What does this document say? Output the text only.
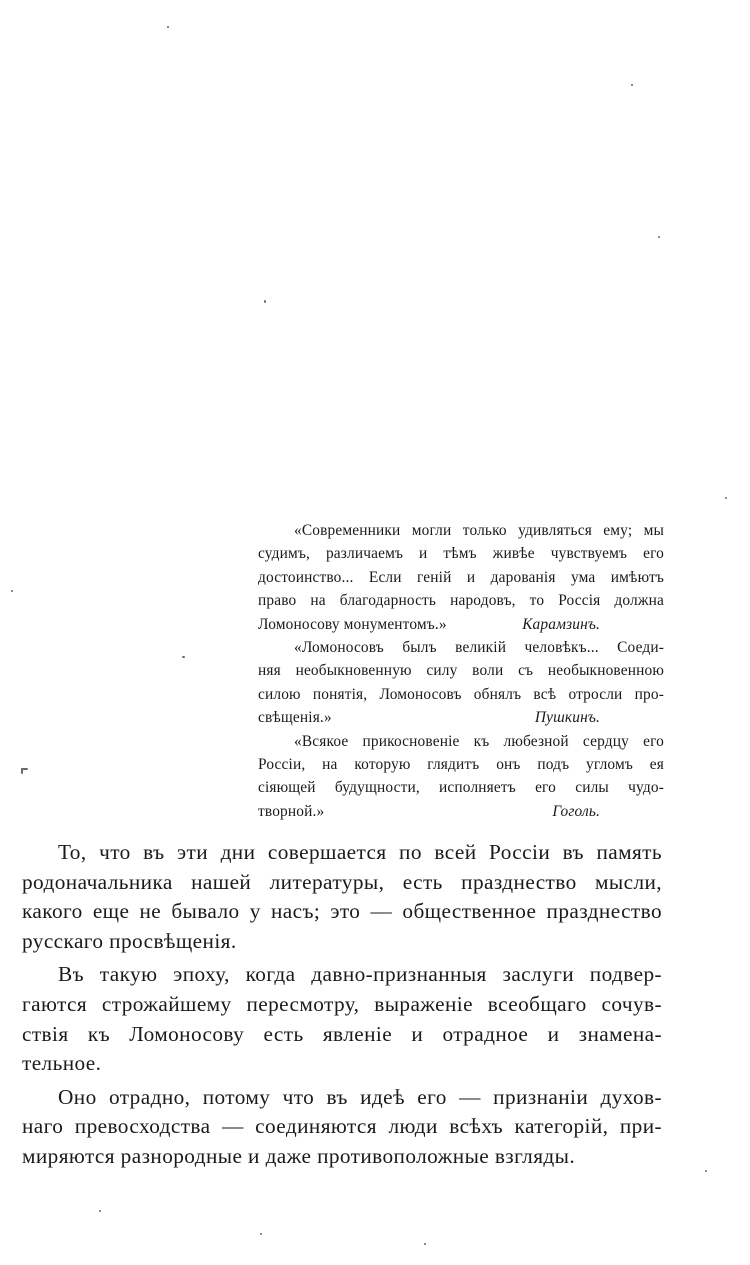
«Современники могли только удивляться ему; мы
судимъ, различаемъ и тѣмъ живѣе чувствуемъ его
достоинство... Если геній и дарованія ума имѣютъ
право на благодарность народовъ, то Россія должна
Ломоносову монументомъ.»	Карамзинъ.
«Ломоносовъ былъ великій человѣкъ... Соеди-
няя необыкновенную силу воли съ необыкновенною
силою понятія, Ломоносовъ обнялъ всѣ отросли про-
свѣщенія.»	Пушкинъ.
«Всякое прикосновеніе къ любезной сердцу его
Россіи, на которую глядитъ онъ подъ угломъ ея
сіяющей будущности, исполняетъ его силы чудо-
творной.»	Гоголь.
То, что въ эти дни совершается по всей Россіи въ память
родоначальника нашей литературы, есть празднество мысли,
какого еще не бывало у насъ; это — общественное празднество
русскаго просвѣщенія.
Въ такую эпоху, когда давно-признанныя заслуги подвер-
гаются строжайшему пересмотру, выраженіе всеобщаго сочув-
ствія къ Ломоносову есть явленіе и отрадное и знамена-
тельное.
Оно отрадно, потому что въ идеѣ его — признаніи духов-
наго превосходства — соединяются люди всѣхъ категорій, при-
миряются разнородные и даже противоположные взгляды.
